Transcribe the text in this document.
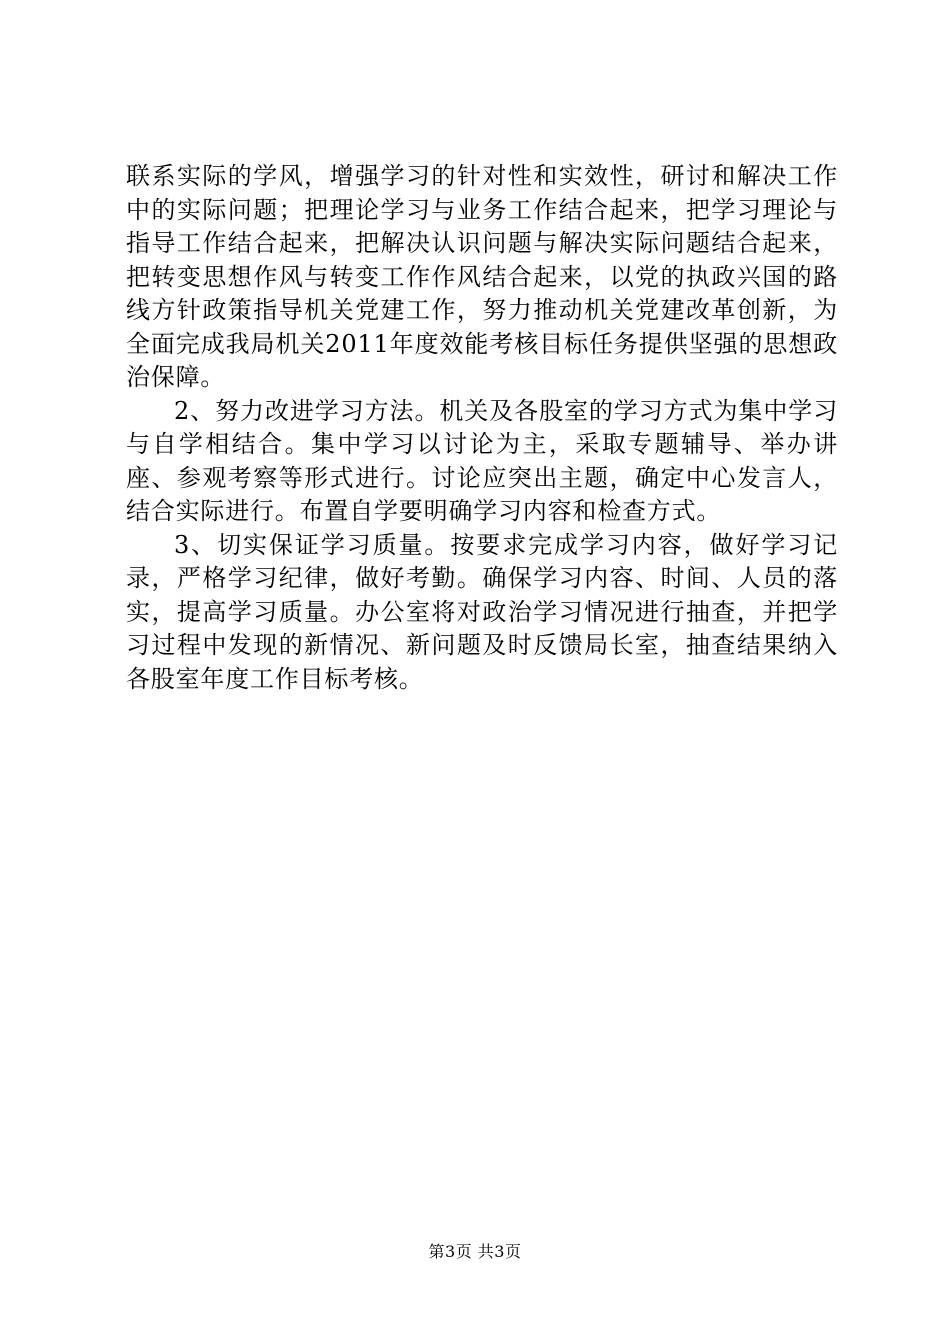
联系实际的学风，增强学习的针对性和实效性，研讨和解决工作中的实际问题；把理论学习与业务工作结合起来，把学习理论与指导工作结合起来，把解决认识问题与解决实际问题结合起来，把转变思想作风与转变工作作风结合起来，以党的执政兴国的路线方针政策指导机关党建工作，努力推动机关党建改革创新，为全面完成我局机关2011年度效能考核目标任务提供坚强的思想政治保障。

2、努力改进学习方法。机关及各股室的学习方式为集中学习与自学相结合。集中学习以讨论为主，采取专题辅导、举办讲座、参观考察等形式进行。讨论应突出主题，确定中心发言人，结合实际进行。布置自学要明确学习内容和检查方式。

3、切实保证学习质量。按要求完成学习内容，做好学习记录，严格学习纪律，做好考勤。确保学习内容、时间、人员的落实，提高学习质量。办公室将对政治学习情况进行抽查，并把学习过程中发现的新情况、新问题及时反馈局长室，抽查结果纳入各股室年度工作目标考核。

第3页 共3页
